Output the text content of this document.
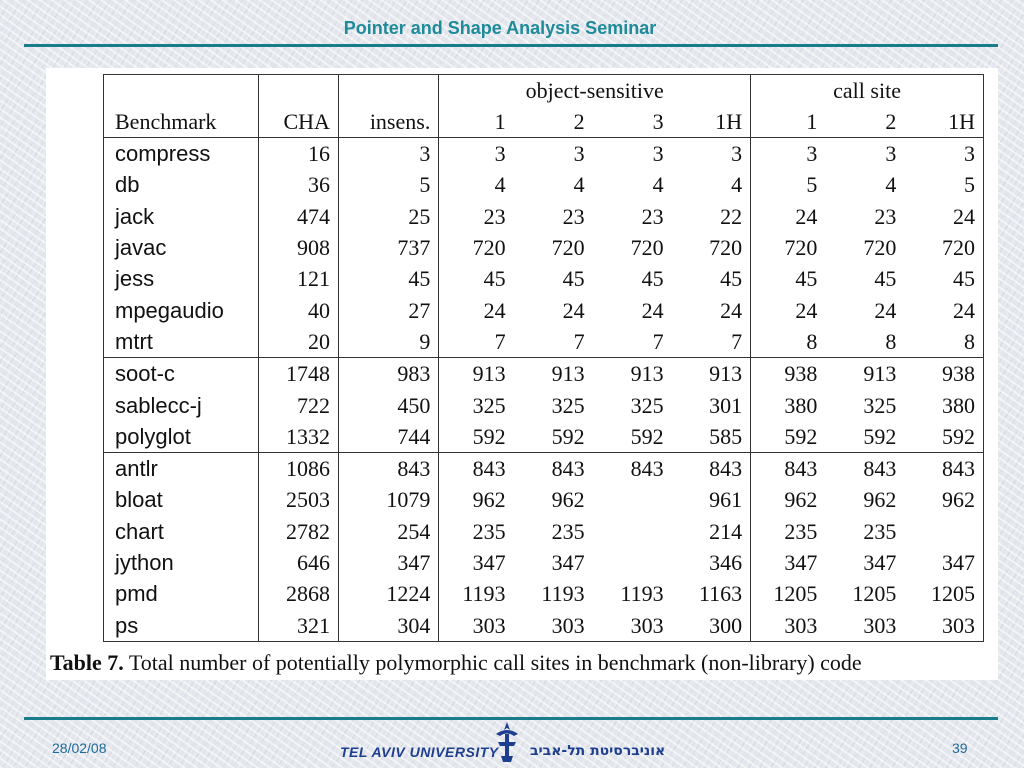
Pointer and Shape Analysis Seminar
			object-sensitive				call site		
Benchmark	CHA	insens.	1	2	3	1H	1	2	1H
compress	16	3	3	3	3	3	3	3	3
db	36	5	4	4	4	4	5	4	5
jack	474	25	23	23	23	22	24	23	24
javac	908	737	720	720	720	720	720	720	720
jess	121	45	45	45	45	45	45	45	45
mpegaudio	40	27	24	24	24	24	24	24	24
mtrt	20	9	7	7	7	7	8	8	8
soot-c	1748	983	913	913	913	913	938	913	938
sablecc-j	722	450	325	325	325	301	380	325	380
polyglot	1332	744	592	592	592	585	592	592	592
antlr	1086	843	843	843	843	843	843	843	843
bloat	2503	1079	962	962		961	962	962	962
chart	2782	254	235	235		214	235	235	
jython	646	347	347	347		346	347	347	347
pmd	2868	1224	1193	1193	1193	1163	1205	1205	1205
ps	321	304	303	303	303	300	303	303	303
Table 7. Total number of potentially polymorphic call sites in benchmark (non-library) code
28/02/08	TEL AVIV UNIVERSITY אוניברסיטת תל-אביב	39
